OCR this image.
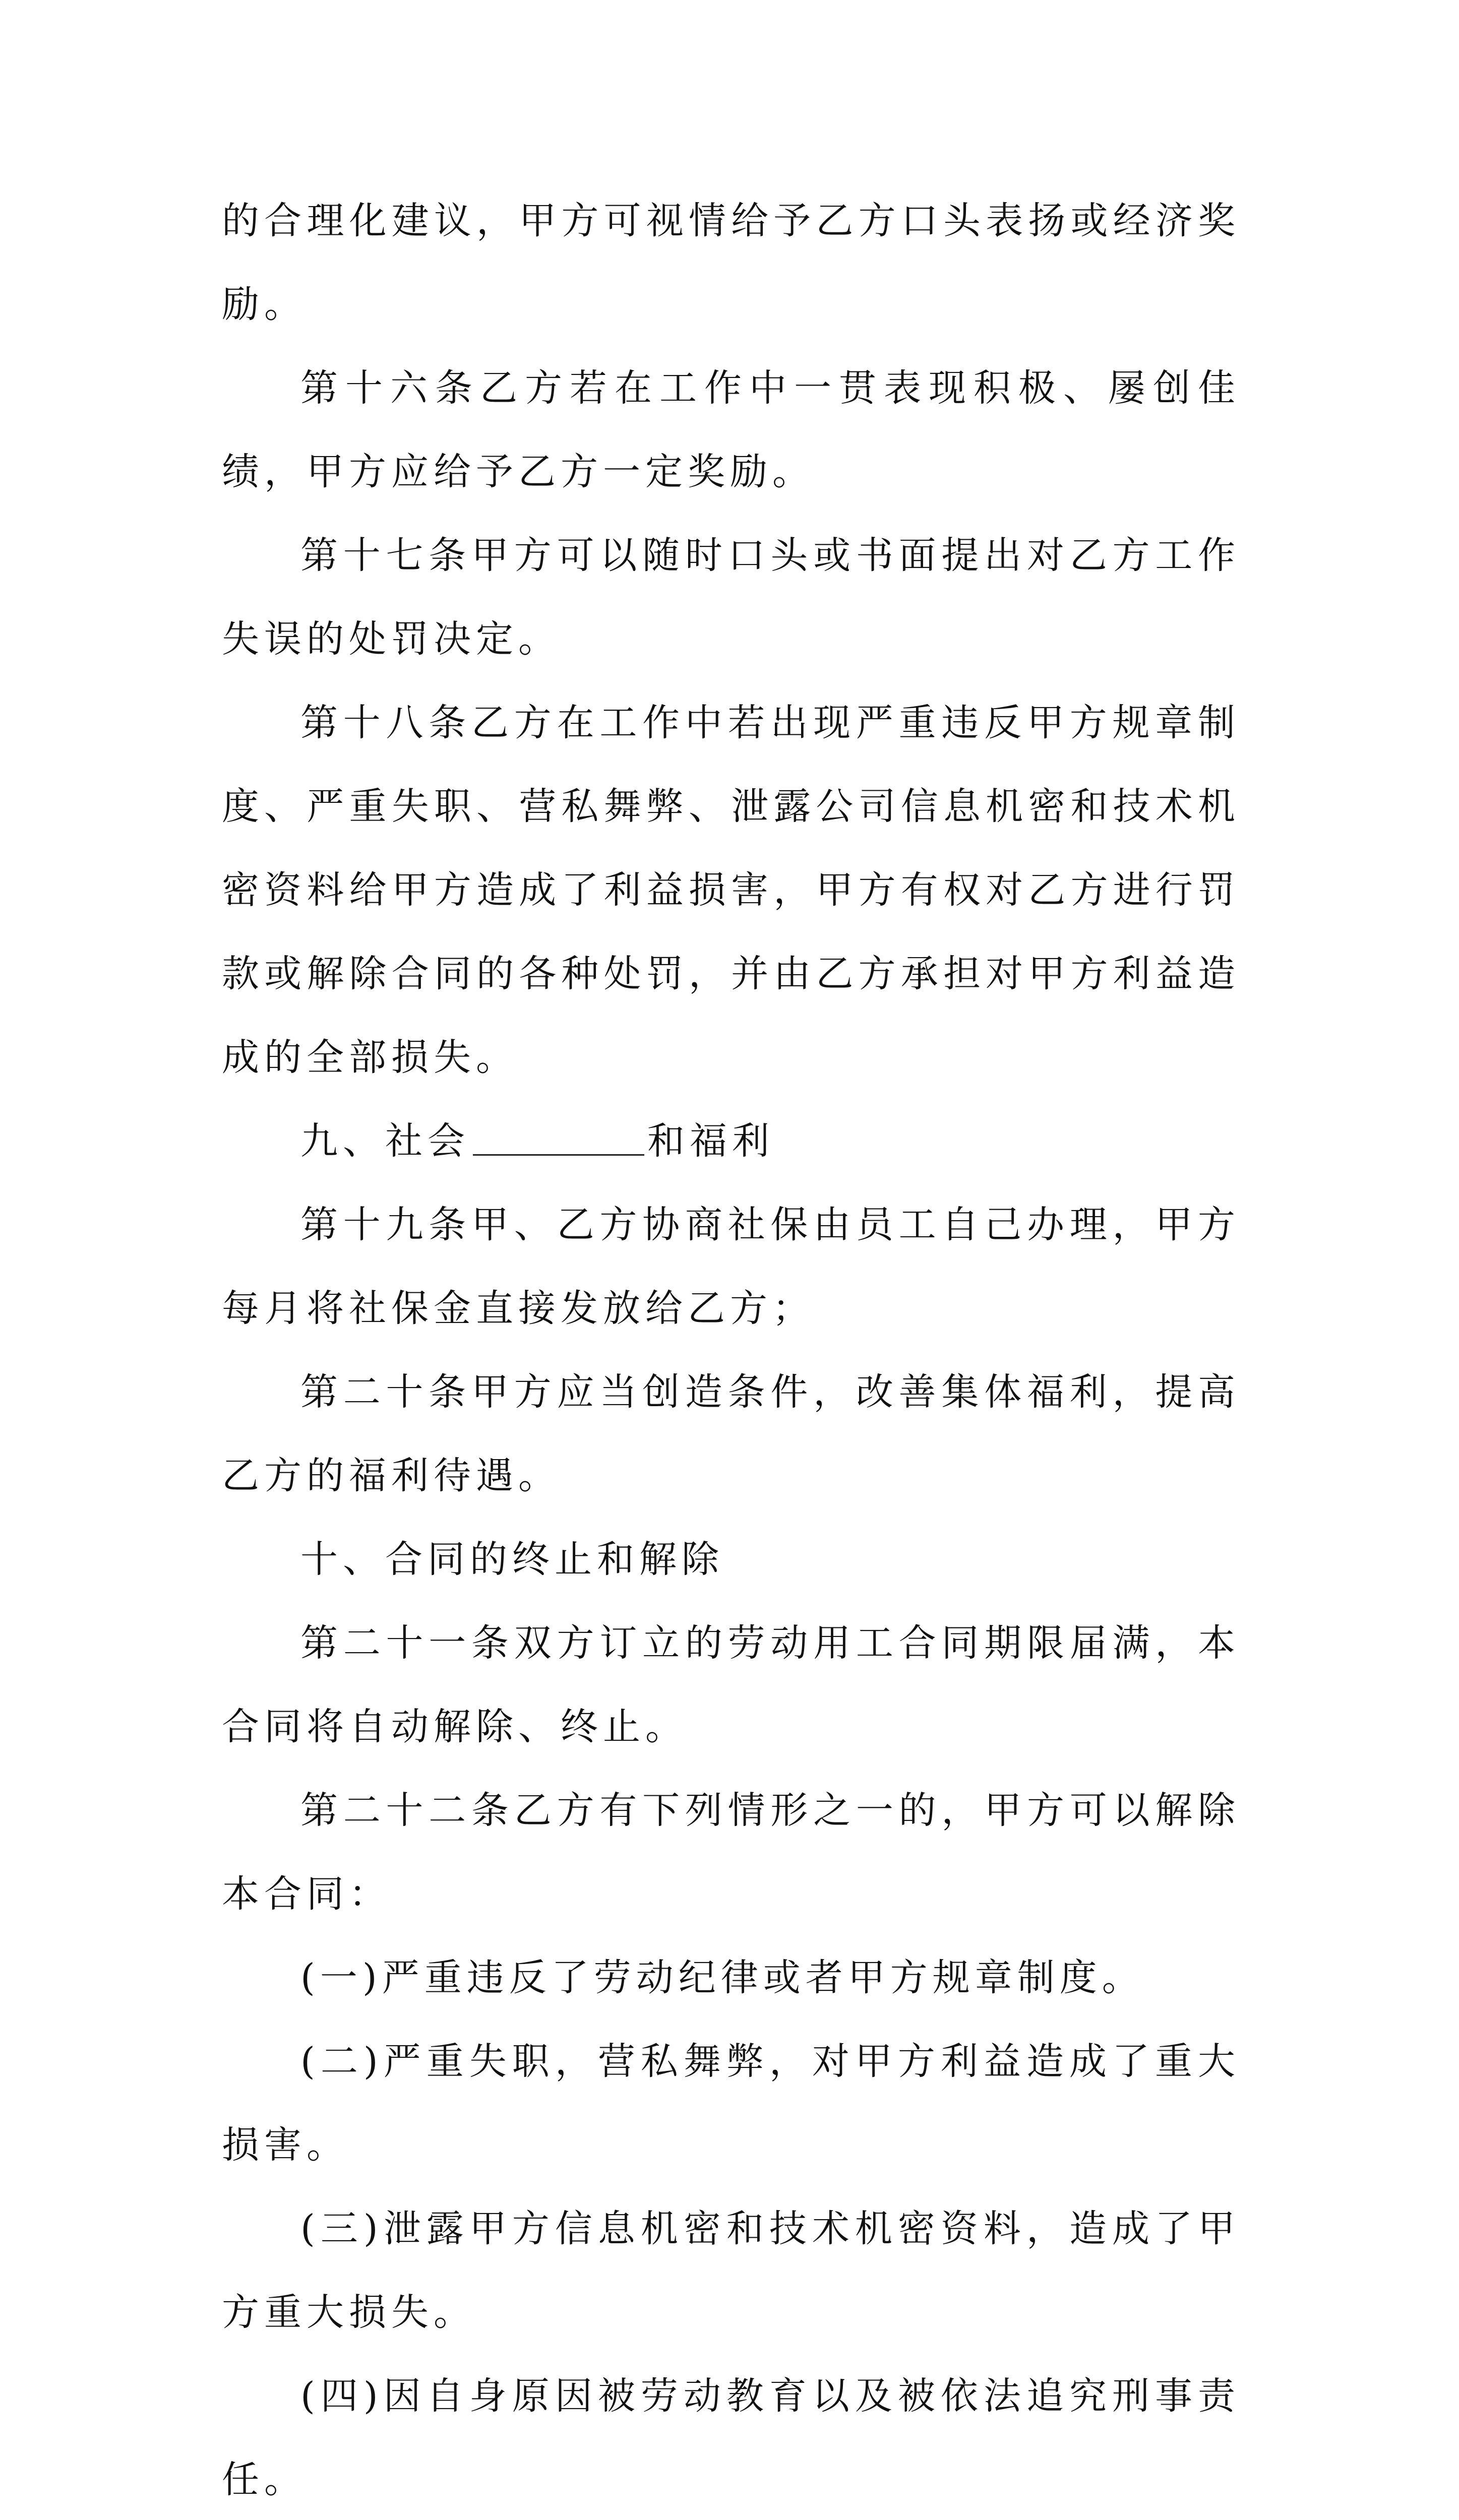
的合理化建议，甲方可视情给予乙方口头表扬或经济奖励。

第十六条乙方若在工作中一贯表现积极、屡创佳绩，甲方应给予乙方一定奖励。

第十七条甲方可以随时口头或书面提出对乙方工作失误的处罚决定。

第十八条乙方在工作中若出现严重违反甲方规章制度、严重失职、营私舞弊、泄露公司信息机密和技术机密资料给甲方造成了利益损害，甲方有权对乙方进行罚款或解除合同的各种处罚，并由乙方承担对甲方利益造成的全部损失。

九、社会	和福利

第十九条甲、乙方协商社保由员工自己办理，甲方每月将社保金直接发放给乙方；

第二十条甲方应当创造条件，改善集体福利，提高乙方的福利待遇。

十、合同的终止和解除

第二十一条双方订立的劳动用工合同期限届满，本合同将自动解除、终止。

第二十二条乙方有下列情形之一的，甲方可以解除本合同：

(一)严重违反了劳动纪律或者甲方规章制度。

(二)严重失职，营私舞弊，对甲方利益造成了重大损害。

(三)泄露甲方信息机密和技术机密资料，造成了甲方重大损失。

(四)因自身原因被劳动教育以及被依法追究刑事责任。
